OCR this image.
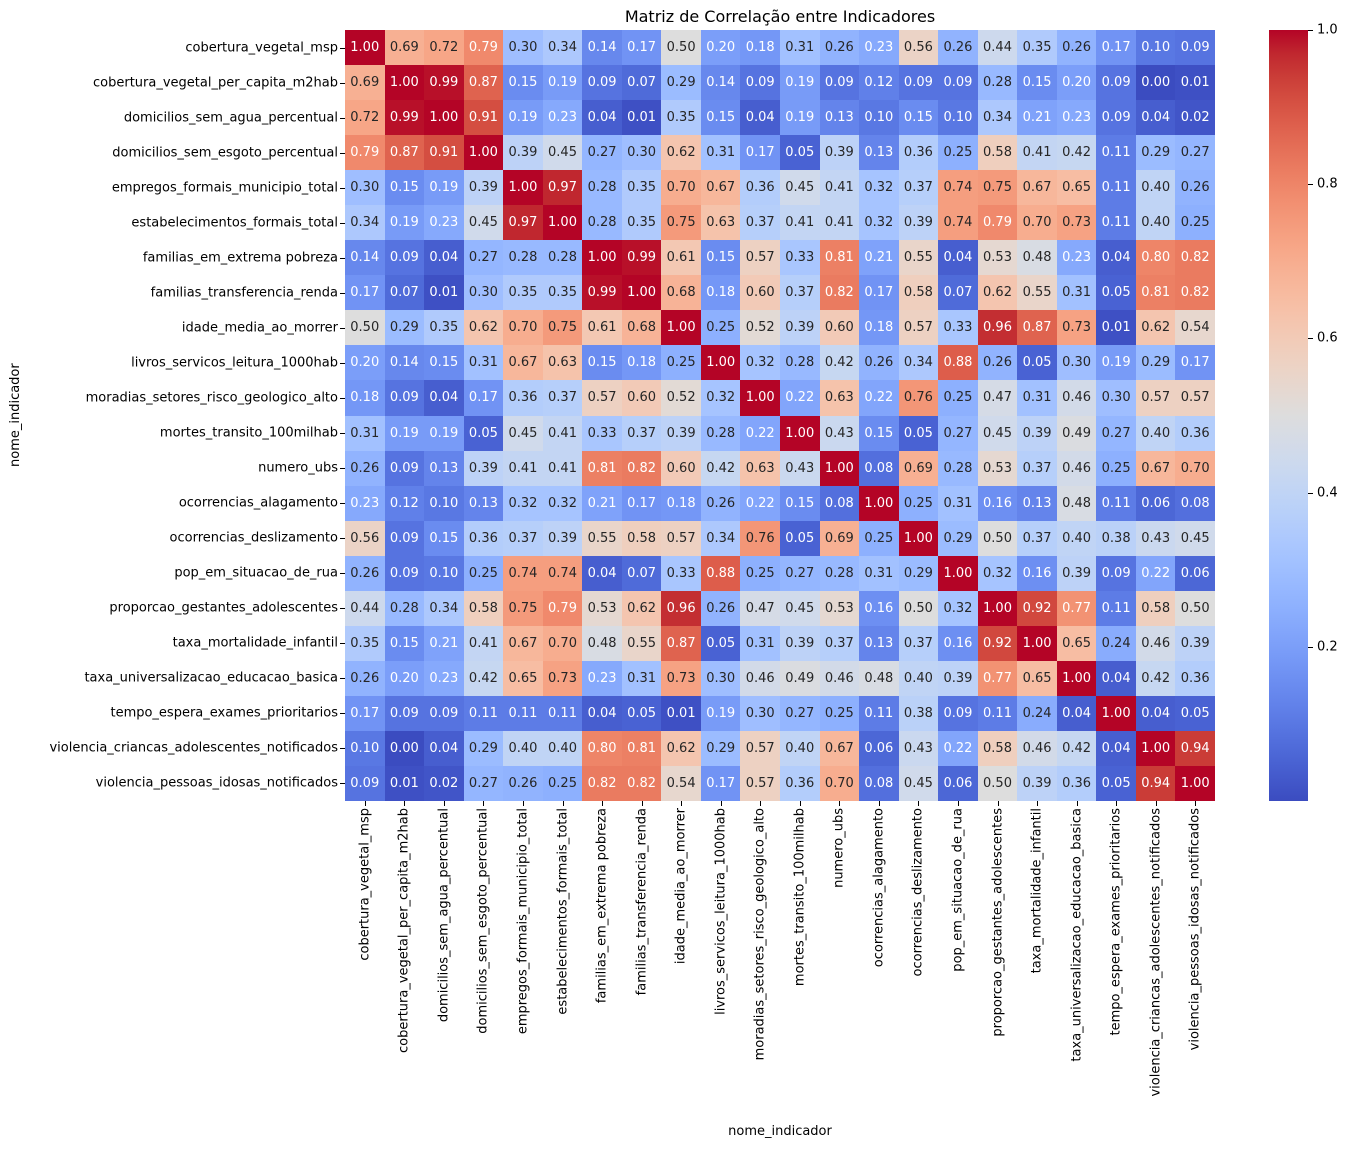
Matriz de Correlação entre Indicadores
nome_indicador
1.00 0.69 0.72 0.79 0.30 0.34 0.14 0.17 0.50 0.20 0.18 0.31 0.26 0.23 0.56 0.26 0.44 0.35 0.26 0.17 0.10 0.09
0.69 1.00 0.99 0.87 0.15 0.19 0.09 0.07 0.29 0.14 0.09 0.19 0.09 0.12 0.09 0.09 0.28 0.15 0.20 0.09 0.00 0.01
0.72 0.99 1.00 0.91 0.19 0.23 0.04 0.01 0.35 0.15 0.04 0.19 0.13 0.10 0.15 0.10 0.34 0.21 0.23 0.09 0.04 0.02
0.79 0.87 0.91 1.00 0.39 0.45 0.27 0.30 0.62 0.31 0.17 0.05 0.39 0.13 0.36 0.25 0.58 0.41 0.42 0.11 0.29 0.27
0.30 0.15 0.19 0.39 1.00 0.97 0.28 0.35 0.70 0.67 0.36 0.45 0.41 0.32 0.37 0.74 0.75 0.67 0.65 0.11 0.40 0.26
0.34 0.19 0.23 0.45 0.97 1.00 0.28 0.35 0.75 0.63 0.37 0.41 0.41 0.32 0.39 0.74 0.79 0.70 0.73 0.11 0.40 0.25
0.14 0.09 0.04 0.27 0.28 0.28 1.00 0.99 0.61 0.15 0.57 0.33 0.81 0.21 0.55 0.04 0.53 0.48 0.23 0.04 0.80 0.82
0.17 0.07 0.01 0.30 0.35 0.35 0.99 1.00 0.68 0.18 0.60 0.37 0.82 0.17 0.58 0.07 0.62 0.55 0.31 0.05 0.81 0.82
0.50 0.29 0.35 0.62 0.70 0.75 0.61 0.68 1.00 0.25 0.52 0.39 0.60 0.18 0.57 0.33 0.96 0.87 0.73 0.01 0.62 0.54
0.20 0.14 0.15 0.31 0.67 0.63 0.15 0.18 0.25 1.00 0.32 0.28 0.42 0.26 0.34 0.88 0.26 0.05 0.30 0.19 0.29 0.17
0.18 0.09 0.04 0.17 0.36 0.37 0.57 0.60 0.52 0.32 1.00 0.22 0.63 0.22 0.76 0.25 0.47 0.31 0.46 0.30 0.57 0.57
0.31 0.19 0.19 0.05 0.45 0.41 0.33 0.37 0.39 0.28 0.22 1.00 0.43 0.15 0.05 0.27 0.45 0.39 0.49 0.27 0.40 0.36
0.26 0.09 0.13 0.39 0.41 0.41 0.81 0.82 0.60 0.42 0.63 0.43 1.00 0.08 0.69 0.28 0.53 0.37 0.46 0.25 0.67 0.70
0.23 0.12 0.10 0.13 0.32 0.32 0.21 0.17 0.18 0.26 0.22 0.15 0.08 1.00 0.25 0.31 0.16 0.13 0.48 0.11 0.06 0.08
0.56 0.09 0.15 0.36 0.37 0.39 0.55 0.58 0.57 0.34 0.76 0.05 0.69 0.25 1.00 0.29 0.50 0.37 0.40 0.38 0.43 0.45
0.26 0.09 0.10 0.25 0.74 0.74 0.04 0.07 0.33 0.88 0.25 0.27 0.28 0.31 0.29 1.00 0.32 0.16 0.39 0.09 0.22 0.06
0.44 0.28 0.34 0.58 0.75 0.79 0.53 0.62 0.96 0.26 0.47 0.45 0.53 0.16 0.50 0.32 1.00 0.92 0.77 0.11 0.58 0.50
0.35 0.15 0.21 0.41 0.67 0.70 0.48 0.55 0.87 0.05 0.31 0.39 0.37 0.13 0.37 0.16 0.92 1.00 0.65 0.24 0.46 0.39
0.26 0.20 0.23 0.42 0.65 0.73 0.23 0.31 0.73 0.30 0.46 0.49 0.46 0.48 0.40 0.39 0.77 0.65 1.00 0.04 0.42 0.36
0.17 0.09 0.09 0.11 0.11 0.11 0.04 0.05 0.01 0.19 0.30 0.27 0.25 0.11 0.38 0.09 0.11 0.24 0.04 1.00 0.04 0.05
0.10 0.00 0.04 0.29 0.40 0.40 0.80 0.81 0.62 0.29 0.57 0.40 0.67 0.06 0.43 0.22 0.58 0.46 0.42 0.04 1.00 0.94
0.09 0.01 0.02 0.27 0.26 0.25 0.82 0.82 0.54 0.17 0.57 0.36 0.70 0.08 0.45 0.06 0.50 0.39 0.36 0.05 0.94 1.00
cobertura_vegetal_msp
cobertura_vegetal_per_capita_m2hab
domicilios_sem_agua_percentual
domicilios_sem_esgoto_percentual
empregos_formais_municipio_total
estabelecimentos_formais_total
familias_em_extrema pobreza
familias_transferencia_renda
idade_media_ao_morrer
livros_servicos_leitura_1000hab
moradias_setores_risco_geologico_alto
mortes_transito_100milhab
numero_ubs
ocorrencias_alagamento
ocorrencias_deslizamento
pop_em_situacao_de_rua
proporcao_gestantes_adolescentes
taxa_mortalidade_infantil
taxa_universalizacao_educacao_basica
tempo_espera_exames_prioritarios
violencia_criancas_adolescentes_notificados
violencia_pessoas_idosas_notificados
cobertura_vegetal_msp cobertura_vegetal_per_capita_m2hab domicilios_sem_agua_percentual domicilios_sem_esgoto_percentual empregos_formais_municipio_total estabelecimentos_formais_total familias_em_extrema pobreza familias_transferencia_renda idade_media_ao_morrer livros_servicos_leitura_1000hab moradias_setores_risco_geologico_alto mortes_transito_100milhab numero_ubs ocorrencias_alagamento ocorrencias_deslizamento pop_em_situacao_de_rua proporcao_gestantes_adolescentes taxa_mortalidade_infantil taxa_universalizacao_educacao_basica tempo_espera_exames_prioritarios violencia_criancas_adolescentes_notificados violencia_pessoas_idosas_notificados
nome_indicador
1.0
0.8
0.6
0.4
0.2
